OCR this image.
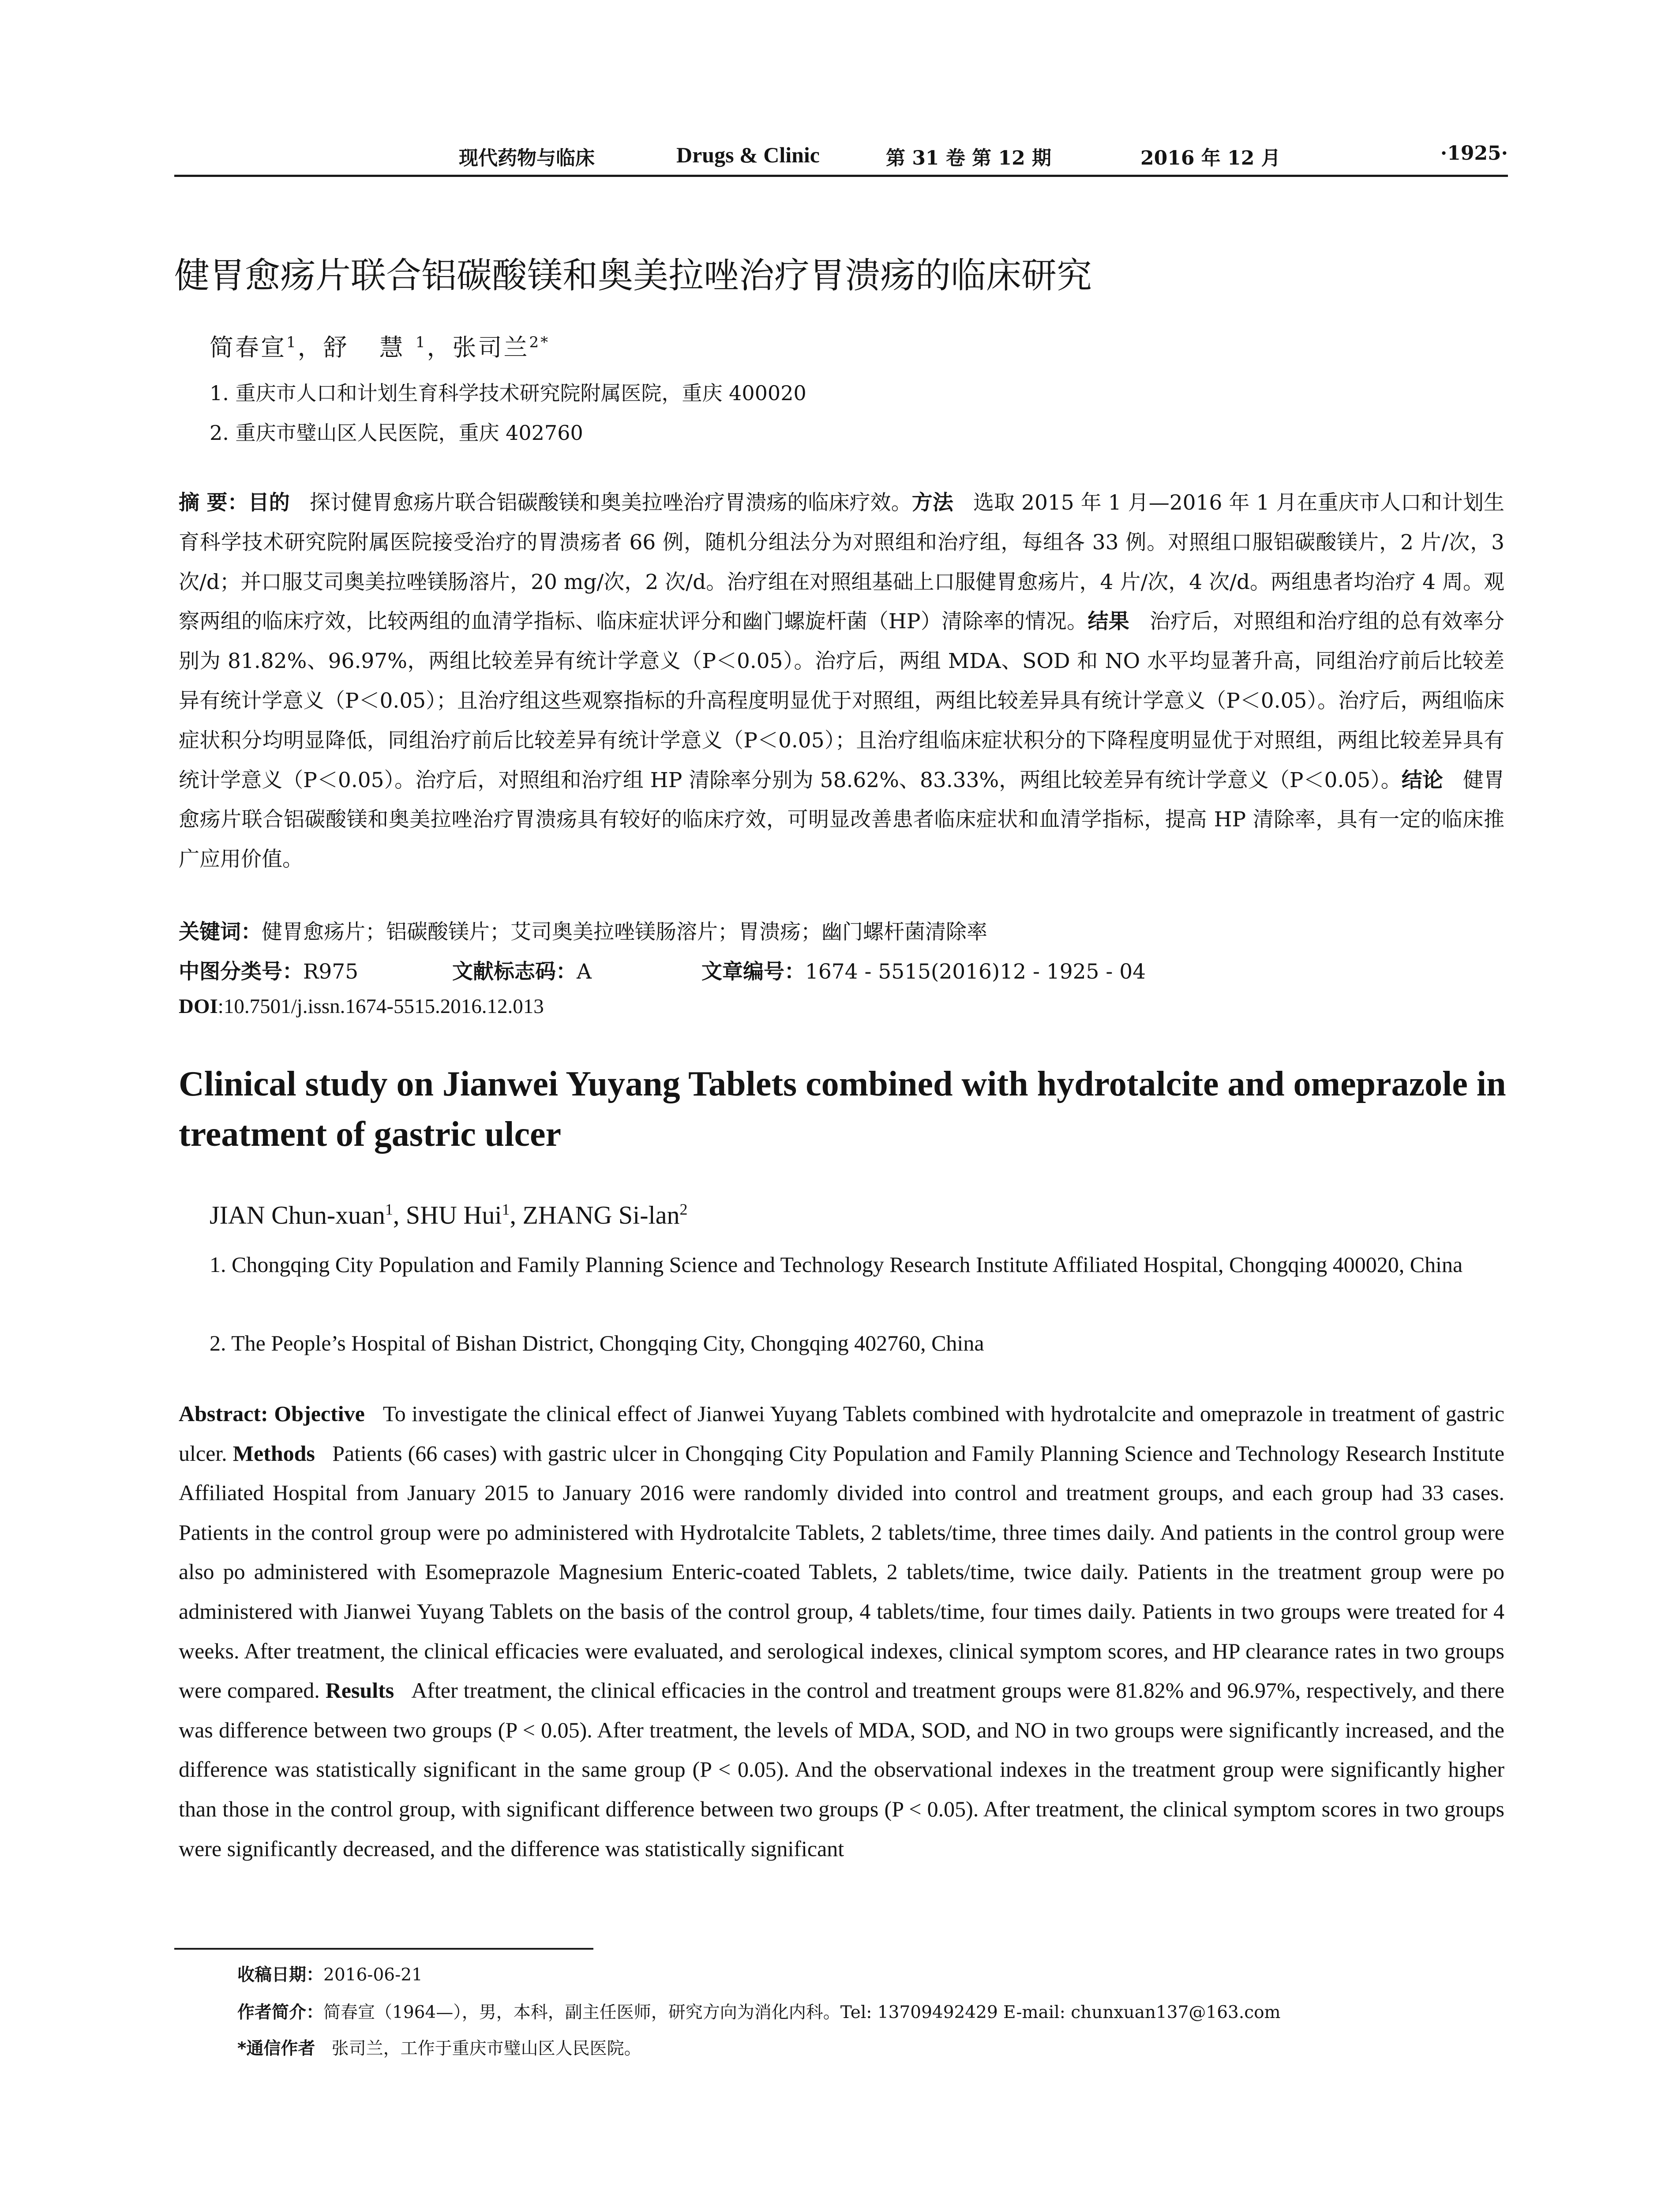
现代药物与临床	Drugs & Clinic	第 31 卷 第 12 期	2016 年 12 月	·1925·
健胃愈疡片联合铝碳酸镁和奥美拉唑治疗胃溃疡的临床研究
简春宣$^1$，舒 慧$^1$，张司兰$^{2*}$
1. 重庆市人口和计划生育科学技术研究院附属医院，重庆 400020
2. 重庆市璧山区人民医院，重庆 402760
摘 要：目的 探讨健胃愈疡片联合铝碳酸镁和奥美拉唑治疗胃溃疡的临床疗效。方法 选取 2015 年 1 月—2016 年 1 月在重庆市人口和计划生育科学技术研究院附属医院接受治疗的胃溃疡者 66 例，随机分组法分为对照组和治疗组，每组各 33 例。对照组口服铝碳酸镁片，2 片/次，3 次/d；并口服艾司奥美拉唑镁肠溶片，20 mg/次，2 次/d。治疗组在对照组基础上口服健胃愈疡片，4 片/次，4 次/d。两组患者均治疗 4 周。观察两组的临床疗效，比较两组的血清学指标、临床症状评分和幽门螺旋杆菌（HP）清除率的情况。结果 治疗后，对照组和治疗组的总有效率分别为 81.82%、96.97%，两组比较差异有统计学意义（P＜0.05）。治疗后，两组 MDA、SOD 和 NO 水平均显著升高，同组治疗前后比较差异有统计学意义（P＜0.05）；且治疗组这些观察指标的升高程度明显优于对照组，两组比较差异具有统计学意义（P＜0.05）。治疗后，两组临床症状积分均明显降低，同组治疗前后比较差异有统计学意义（P＜0.05）；且治疗组临床症状积分的下降程度明显优于对照组，两组比较差异具有统计学意义（P＜0.05）。治疗后，对照组和治疗组 HP 清除率分别为 58.62%、83.33%，两组比较差异有统计学意义（P＜0.05）。结论 健胃愈疡片联合铝碳酸镁和奥美拉唑治疗胃溃疡具有较好的临床疗效，可明显改善患者临床症状和血清学指标，提高 HP 清除率，具有一定的临床推广应用价值。
关键词：健胃愈疡片；铝碳酸镁片；艾司奥美拉唑镁肠溶片；胃溃疡；幽门螺杆菌清除率
中图分类号：R975	文献标志码：A	文章编号：1674 - 5515(2016)12 - 1925 - 04
DOI:10.7501/j.issn.1674-5515.2016.12.013
Clinical study on Jianwei Yuyang Tablets combined with hydrotalcite and omeprazole in treatment of gastric ulcer
JIAN Chun-xuan$^1$, SHU Hui$^1$, ZHANG Si-lan$^2$
1. Chongqing City Population and Family Planning Science and Technology Research Institute Affiliated Hospital, Chongqing 400020, China
2. The People’s Hospital of Bishan District, Chongqing City, Chongqing 402760, China
Abstract: Objective To investigate the clinical effect of Jianwei Yuyang Tablets combined with hydrotalcite and omeprazole in treatment of gastric ulcer. Methods Patients (66 cases) with gastric ulcer in Chongqing City Population and Family Planning Science and Technology Research Institute Affiliated Hospital from January 2015 to January 2016 were randomly divided into control and treatment groups, and each group had 33 cases. Patients in the control group were po administered with Hydrotalcite Tablets, 2 tablets/time, three times daily. And patients in the control group were also po administered with Esomeprazole Magnesium Enteric-coated Tablets, 2 tablets/time, twice daily. Patients in the treatment group were po administered with Jianwei Yuyang Tablets on the basis of the control group, 4 tablets/time, four times daily. Patients in two groups were treated for 4 weeks. After treatment, the clinical efficacies were evaluated, and serological indexes, clinical symptom scores, and HP clearance rates in two groups were compared. Results After treatment, the clinical efficacies in the control and treatment groups were 81.82% and 96.97%, respectively, and there was difference between two groups (P < 0.05). After treatment, the levels of MDA, SOD, and NO in two groups were significantly increased, and the difference was statistically significant in the same group (P < 0.05). And the observational indexes in the treatment group were significantly higher than those in the control group, with significant difference between two groups (P < 0.05). After treatment, the clinical symptom scores in two groups were significantly decreased, and the difference was statistically significant
收稿日期：2016-06-21
作者简介：简春宣（1964—），男，本科，副主任医师，研究方向为消化内科。Tel: 13709492429 E-mail: chunxuan137@163.com
*通信作者 张司兰，工作于重庆市璧山区人民医院。
